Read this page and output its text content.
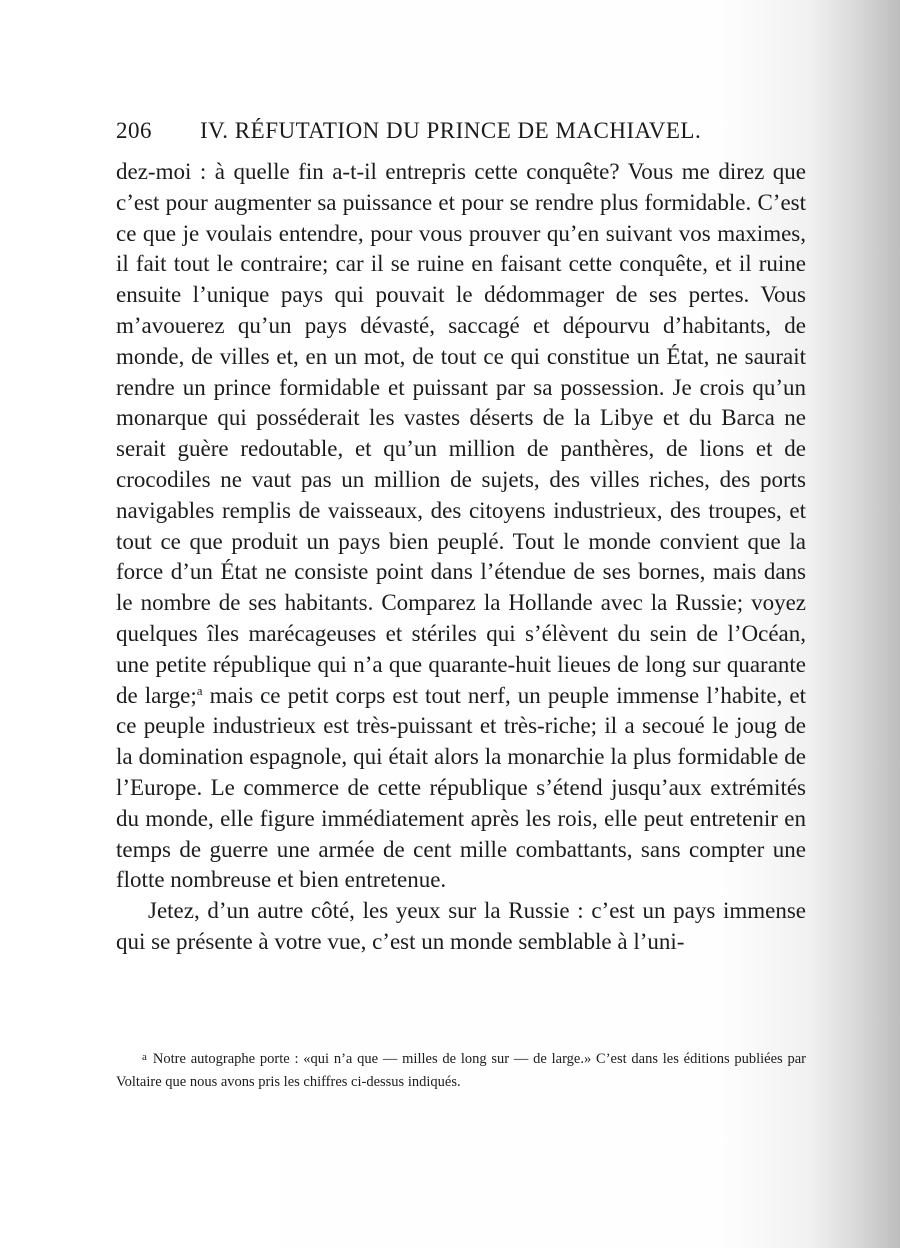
206 IV. RÉFUTATION DU PRINCE DE MACHIAVEL.

dez-moi : à quelle fin a-t-il entrepris cette conquête? Vous me direz que c’est pour augmenter sa puissance et pour se rendre plus formidable. C’est ce que je voulais entendre, pour vous prouver qu’en suivant vos maximes, il fait tout le contraire; car il se ruine en faisant cette conquête, et il ruine ensuite l’unique pays qui pouvait le dédommager de ses pertes. Vous m’avouerez qu’un pays dévasté, saccagé et dépourvu d’habitants, de monde, de villes et, en un mot, de tout ce qui constitue un État, ne saurait rendre un prince formidable et puissant par sa possession. Je crois qu’un monarque qui posséderait les vastes déserts de la Libye et du Barca ne serait guère redoutable, et qu’un million de panthères, de lions et de crocodiles ne vaut pas un million de sujets, des villes riches, des ports navigables remplis de vaisseaux, des citoyens industrieux, des troupes, et tout ce que produit un pays bien peuplé. Tout le monde convient que la force d’un État ne consiste point dans l’étendue de ses bornes, mais dans le nombre de ses habitants. Comparez la Hollande avec la Russie; voyez quelques îles marécageuses et stériles qui s’élèvent du sein de l’Océan, une petite république qui n’a que quarante-huit lieues de long sur quarante de large;$^a$ mais ce petit corps est tout nerf, un peuple immense l’habite, et ce peuple industrieux est très-puissant et très-riche; il a secoué le joug de la domination espagnole, qui était alors la monarchie la plus formidable de l’Europe. Le commerce de cette république s’étend jusqu’aux extrémités du monde, elle figure immédiatement après les rois, elle peut entretenir en temps de guerre une armée de cent mille combattants, sans compter une flotte nombreuse et bien entretenue.

Jetez, d’un autre côté, les yeux sur la Russie : c’est un pays immense qui se présente à votre vue, c’est un monde semblable à l’uni-

$^a$ Notre autographe porte : «qui n’a que — milles de long sur — de large.» C’est dans les éditions publiées par Voltaire que nous avons pris les chiffres ci-dessus indiqués.
